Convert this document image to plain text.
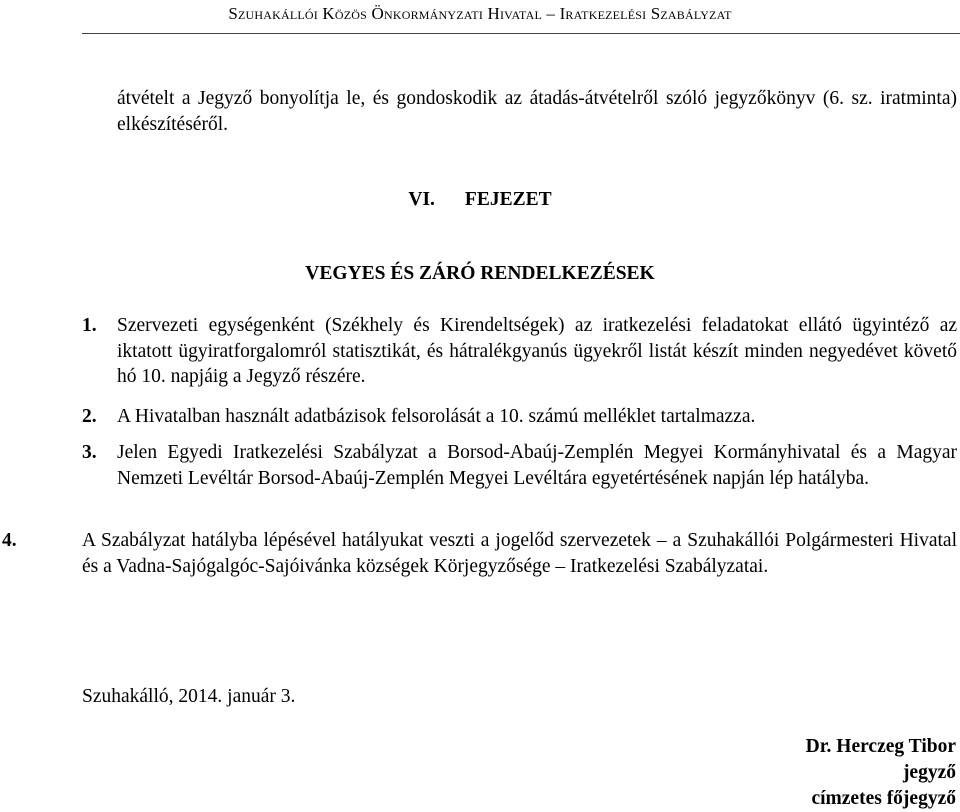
Szuhakállói Közös Önkormányzati Hivatal – Iratkezelési Szabályzat

átvételt a Jegyző bonyolítja le, és gondoskodik az átadás-átvételről szóló jegyzőkönyv (6. sz. iratminta) elkészítéséről.

VI. FEJEZET
VEGYES ÉS ZÁRÓ RENDELKEZÉSEK
1. Szervezeti egységenként (Székhely és Kirendeltségek) az iratkezelési feladatokat ellátó ügyintéző az iktatott ügyiratforgalomról statisztikát, és hátralékgyanús ügyekről listát készít minden negyedévet követő hó 10. napjáig a Jegyző részére.

2. A Hivatalban használt adatbázisok felsorolását a 10. számú melléklet tartalmazza.

3. Jelen Egyedi Iratkezelési Szabályzat a Borsod-Abaúj-Zemplén Megyei Kormányhivatal és a Magyar Nemzeti Levéltár Borsod-Abaúj-Zemplén Megyei Levéltára egyetértésének napján lép hatályba.

4.	A Szabályzat hatályba lépésével hatályukat veszti a jogelőd szervezetek – a Szuhakállói Polgármesteri Hivatal és a Vadna-Sajógalgóc-Sajóivánka községek Körjegyzősége – Iratkezelési Szabályzatai.

Szuhakálló, 2014. január 3.

Dr. Herczeg Tibor
jegyző
címzetes főjegyző
